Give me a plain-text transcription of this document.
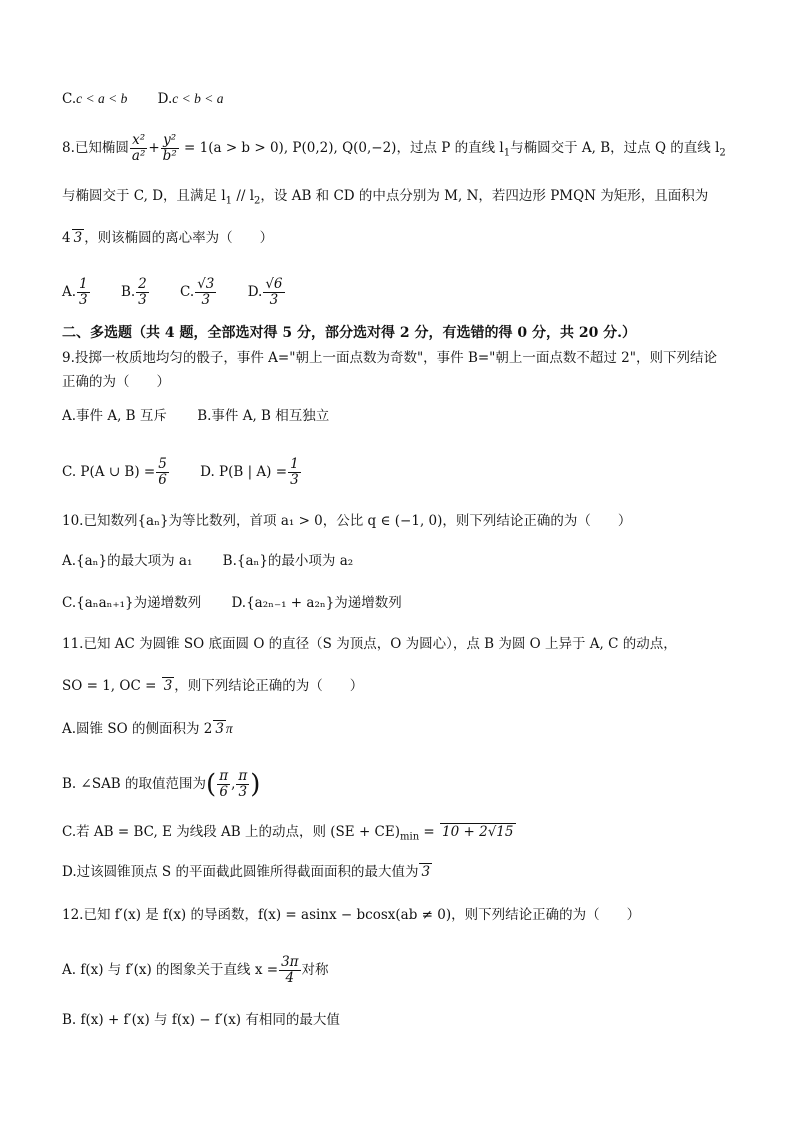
C.c < a < b D.c < b < a
8.已知椭圆 $\frac{\text{x²}}{\text{a²}} + \frac{\text{y²}}{\text{b²}} = 1(a > b > 0)$, P(0,2), Q(0,−2)，过点 P 的直线 $l_1$与椭圆交于 A, B，过点 Q 的直线 $l_2$
与椭圆交于 C, D，且满足 $l_1 // l_2$，设 AB 和 CD 的中点分别为 M, N，若四边形 PMQN 为矩形，且面积为
4 3 ，则该椭圆的离心率为（　　）
A. $\frac{1}{3} B$. $\frac{2}{3} C$. $\frac{√3}{3} D$. $\frac{√6}{3}$
二、多选题（共 4 题，全部选对得 5 分，部分选对得 2 分，有选错的得 0 分，共 20 分.）
9.投掷一枚质地均匀的骰子，事件 A="朝上一面点数为奇数"，事件 B="朝上一面点数不超过 2"，则下列结论
正确的为（　　）
A.事件 A, B 互斥 B.事件 A, B 相互独立
C. P(A ∪ $B) = \frac{5}{6} D$. P(B | $A) = \frac{1}{3}$
10.已知数列{aₙ}为等比数列，首项 a₁ > 0，公比 q ∈ (−1, 0)，则下列结论正确的为（　　）
A.{aₙ}的最大项为 a₁ B.{aₙ}的最小项为 a₂
C.{aₙaₙ₊₁}为递增数列 D.{a₂ₙ₋₁ + a₂ₙ}为递增数列
11.已知 AC 为圆锥 SO 底面圆 O 的直径（S 为顶点，O 为圆心），点 B 为圆 O 上异于 A, C 的动点，
SO = 1, OC = 3 ，则下列结论正确的为（　　）
A.圆锥 SO 的侧面积为 2 3 π
B. ∠SAB 的取值范围为( $\frac{\pi}{6}$ , $\frac{\pi}{3}$ )
C.若 AB = BC, E 为线段 AB 上的动点，则 $(SE + CE)_{min} = 10 + 2√15$
D.过该圆锥顶点 S 的平面截此圆锥所得截面面积的最大值为 3
12.已知 f′(x) 是 f(x) 的导函数，f(x) = asinx − bcosx(ab ≠ 0)，则下列结论正确的为（　　）
A. f(x) 与 f′(x) 的图象关于直线 $x = \frac{3\pi}{4}$ 对称
B. f(x) + f′(x) 与 f(x) − f′(x) 有相同的最大值
